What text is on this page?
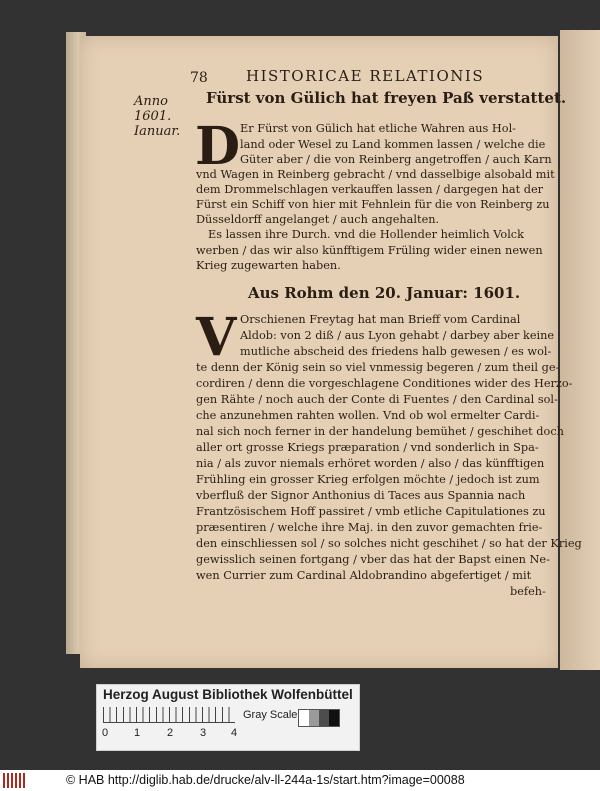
78	HISTORICAE RELATIONIS
Anno
1601.
Ianuar.
Fürst von Gülich hat freyen Paß verstattet.
D Er Fürst von Gülich hat etliche Wahren aus Hol-
land oder Wesel zu Land kommen lassen / welche die
Güter aber / die von Reinberg angetroffen / auch Karn
vnd Wagen in Reinberg gebracht / vnd dasselbige alsobald mit
dem Drommelschlagen verkauffen lassen / dargegen hat der
Fürst ein Schiff von hier mit Fehnlein für die von Reinberg zu
Düsseldorff angelanget / auch angehalten.
Es lassen ihre Durch. vnd die Hollender heimlich Volck
werben / das wir also künfftigem Früling wider einen newen
Krieg zugewarten haben.
Aus Rohm den 20. Januar: 1601.
V Orschienen Freytag hat man Brieff vom Cardinal
Aldob: von 2 diß / aus Lyon gehabt / darbey aber keine
mutliche abscheid des friedens halb gewesen / es wol-
te denn der König sein so viel vnmessig begeren / zum theil ge-
cordiren / denn die vorgeschlagene Conditiones wider des Herzo-
gen Rähte / noch auch der Conte di Fuentes / den Cardinal sol-
che anzunehmen rahten wollen. Vnd ob wol ermelter Cardi-
nal sich noch ferner in der handelung bemühet / geschihet doch
aller ort grosse Kriegs præparation / vnd sonderlich in Spa-
nia / als zuvor niemals erhöret worden / also / das künfftigen
Frühling ein grosser Krieg erfolgen möchte / jedoch ist zum
vberfluß der Signor Anthonius di Taces aus Spannia nach
Frantzösischem Hoff passiret / vmb etliche Capitulationes zu
præsentiren / welche ihre Maj. in den zuvor gemachten frie-
den einschliessen sol / so solches nicht geschihet / so hat der Krieg
gewisslich seinen fortgang / vber das hat der Bapst einen Ne-
wen Currier zum Cardinal Aldobrandino abgefertiget / mit
befeh-
Herzog August Bibliothek Wolfenbüttel
0 1 2 3 4
Gray Scale
© HAB http://diglib.hab.de/drucke/alv-ll-244a-1s/start.htm?image=00088
